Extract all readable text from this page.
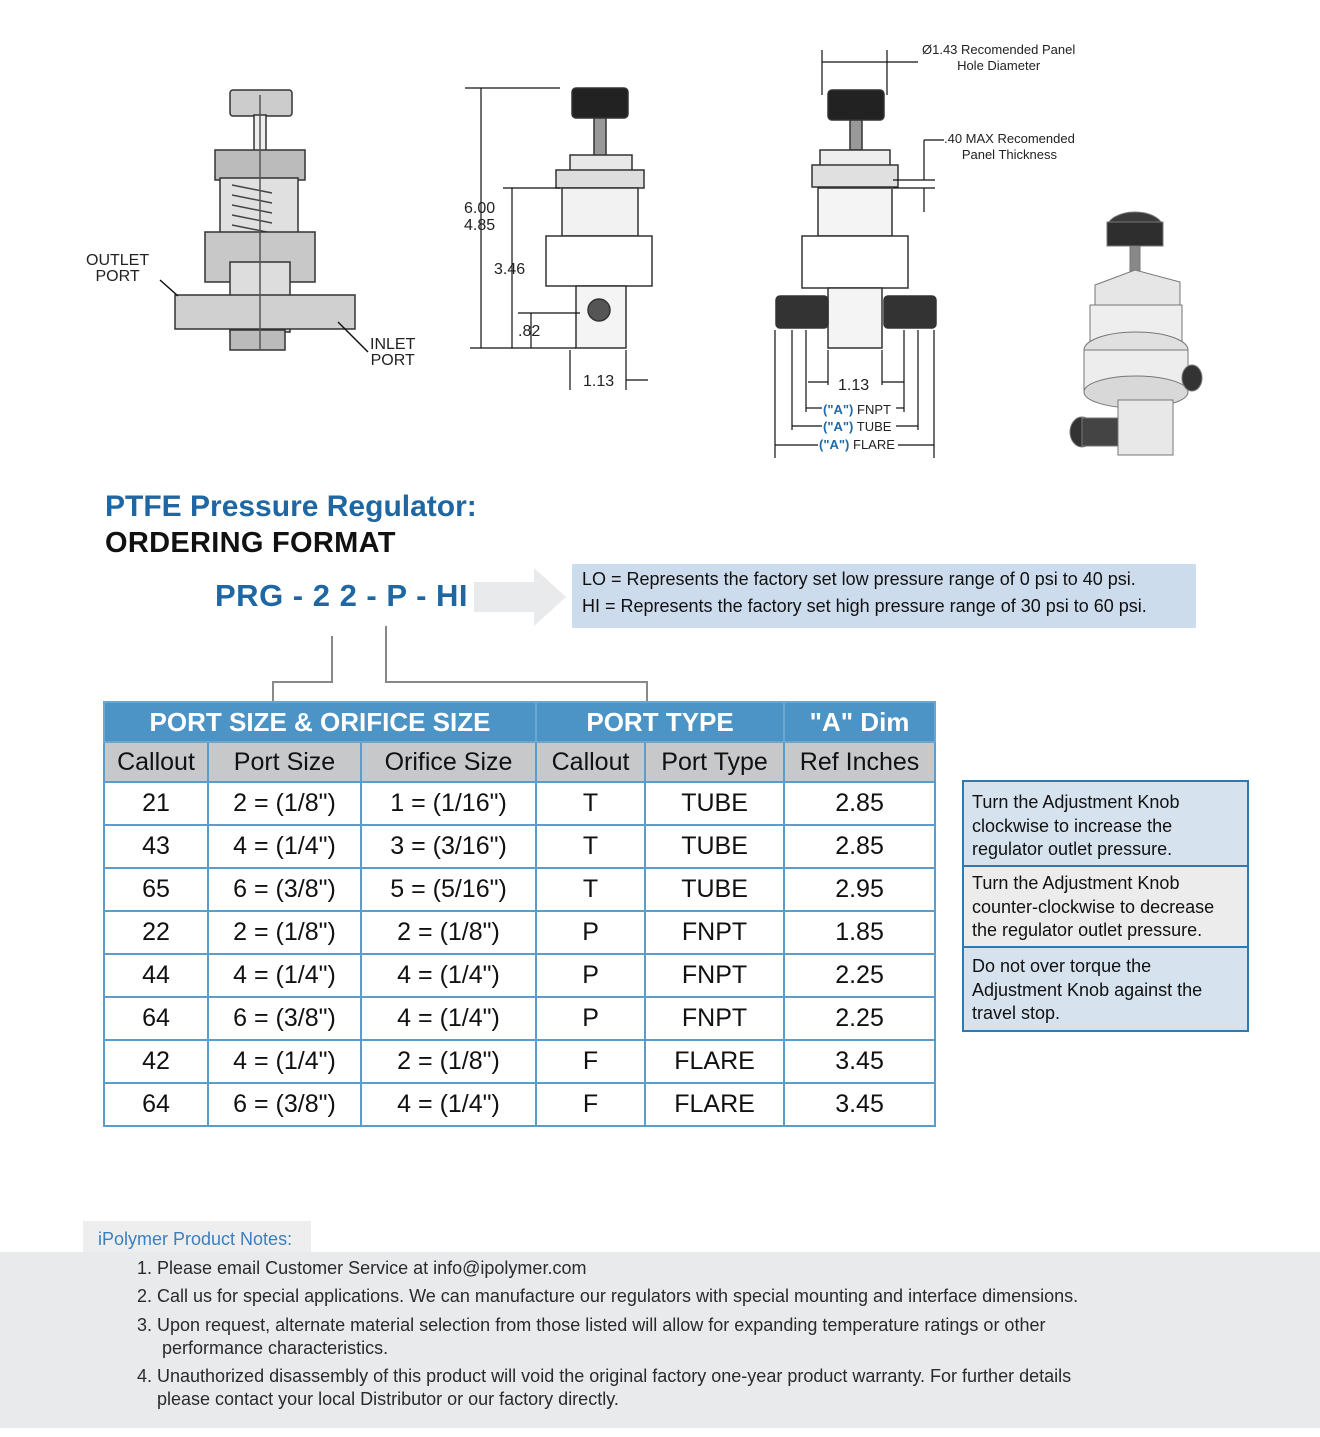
OUTLET
PORT
INLET
PORT
6.00
4.85
3.46
.82
1.13
Ø1.43 Recomended Panel
Hole Diameter
.40 MAX Recomended
Panel Thickness
1.13
("A") FNPT
("A") TUBE
("A") FLARE
PTFE Pressure Regulator:
ORDERING FORMAT
PRG - 2 2 - P - HI	LO = Represents the factory set low pressure range of 0 psi to 40 psi.
HI = Represents the factory set high pressure range of 30 psi to 60 psi.
PORT SIZE & ORIFICE SIZE			PORT TYPE		"A" Dim
Callout	Port Size	Orifice Size	Callout	Port Type	Ref Inches
21	2 = (1/8")	1 = (1/16")	T	TUBE	2.85
43	4 = (1/4")	3 = (3/16")	T	TUBE	2.85
65	6 = (3/8")	5 = (5/16")	T	TUBE	2.95
22	2 = (1/8")	2 = (1/8")	P	FNPT	1.85
44	4 = (1/4")	4 = (1/4")	P	FNPT	2.25
64	6 = (3/8")	4 = (1/4")	P	FNPT	2.25
42	4 = (1/4")	2 = (1/8")	F	FLARE	3.45
64	6 = (3/8")	4 = (1/4")	F	FLARE	3.45
Turn the Adjustment Knob clockwise to increase the regulator outlet pressure.
Turn the Adjustment Knob counter-clockwise to decrease the regulator outlet pressure.
Do not over torque the Adjustment Knob against the travel stop.
iPolymer Product Notes:
1. Please email Customer Service at info@ipolymer.com
2. Call us for special applications. We can manufacture our regulators with special mounting and interface dimensions.
3. Upon request, alternate material selection from those listed will allow for expanding temperature ratings or other
performance characteristics.
4. Unauthorized disassembly of this product will void the original factory one-year product warranty. For further details
please contact your local Distributor or our factory directly.
